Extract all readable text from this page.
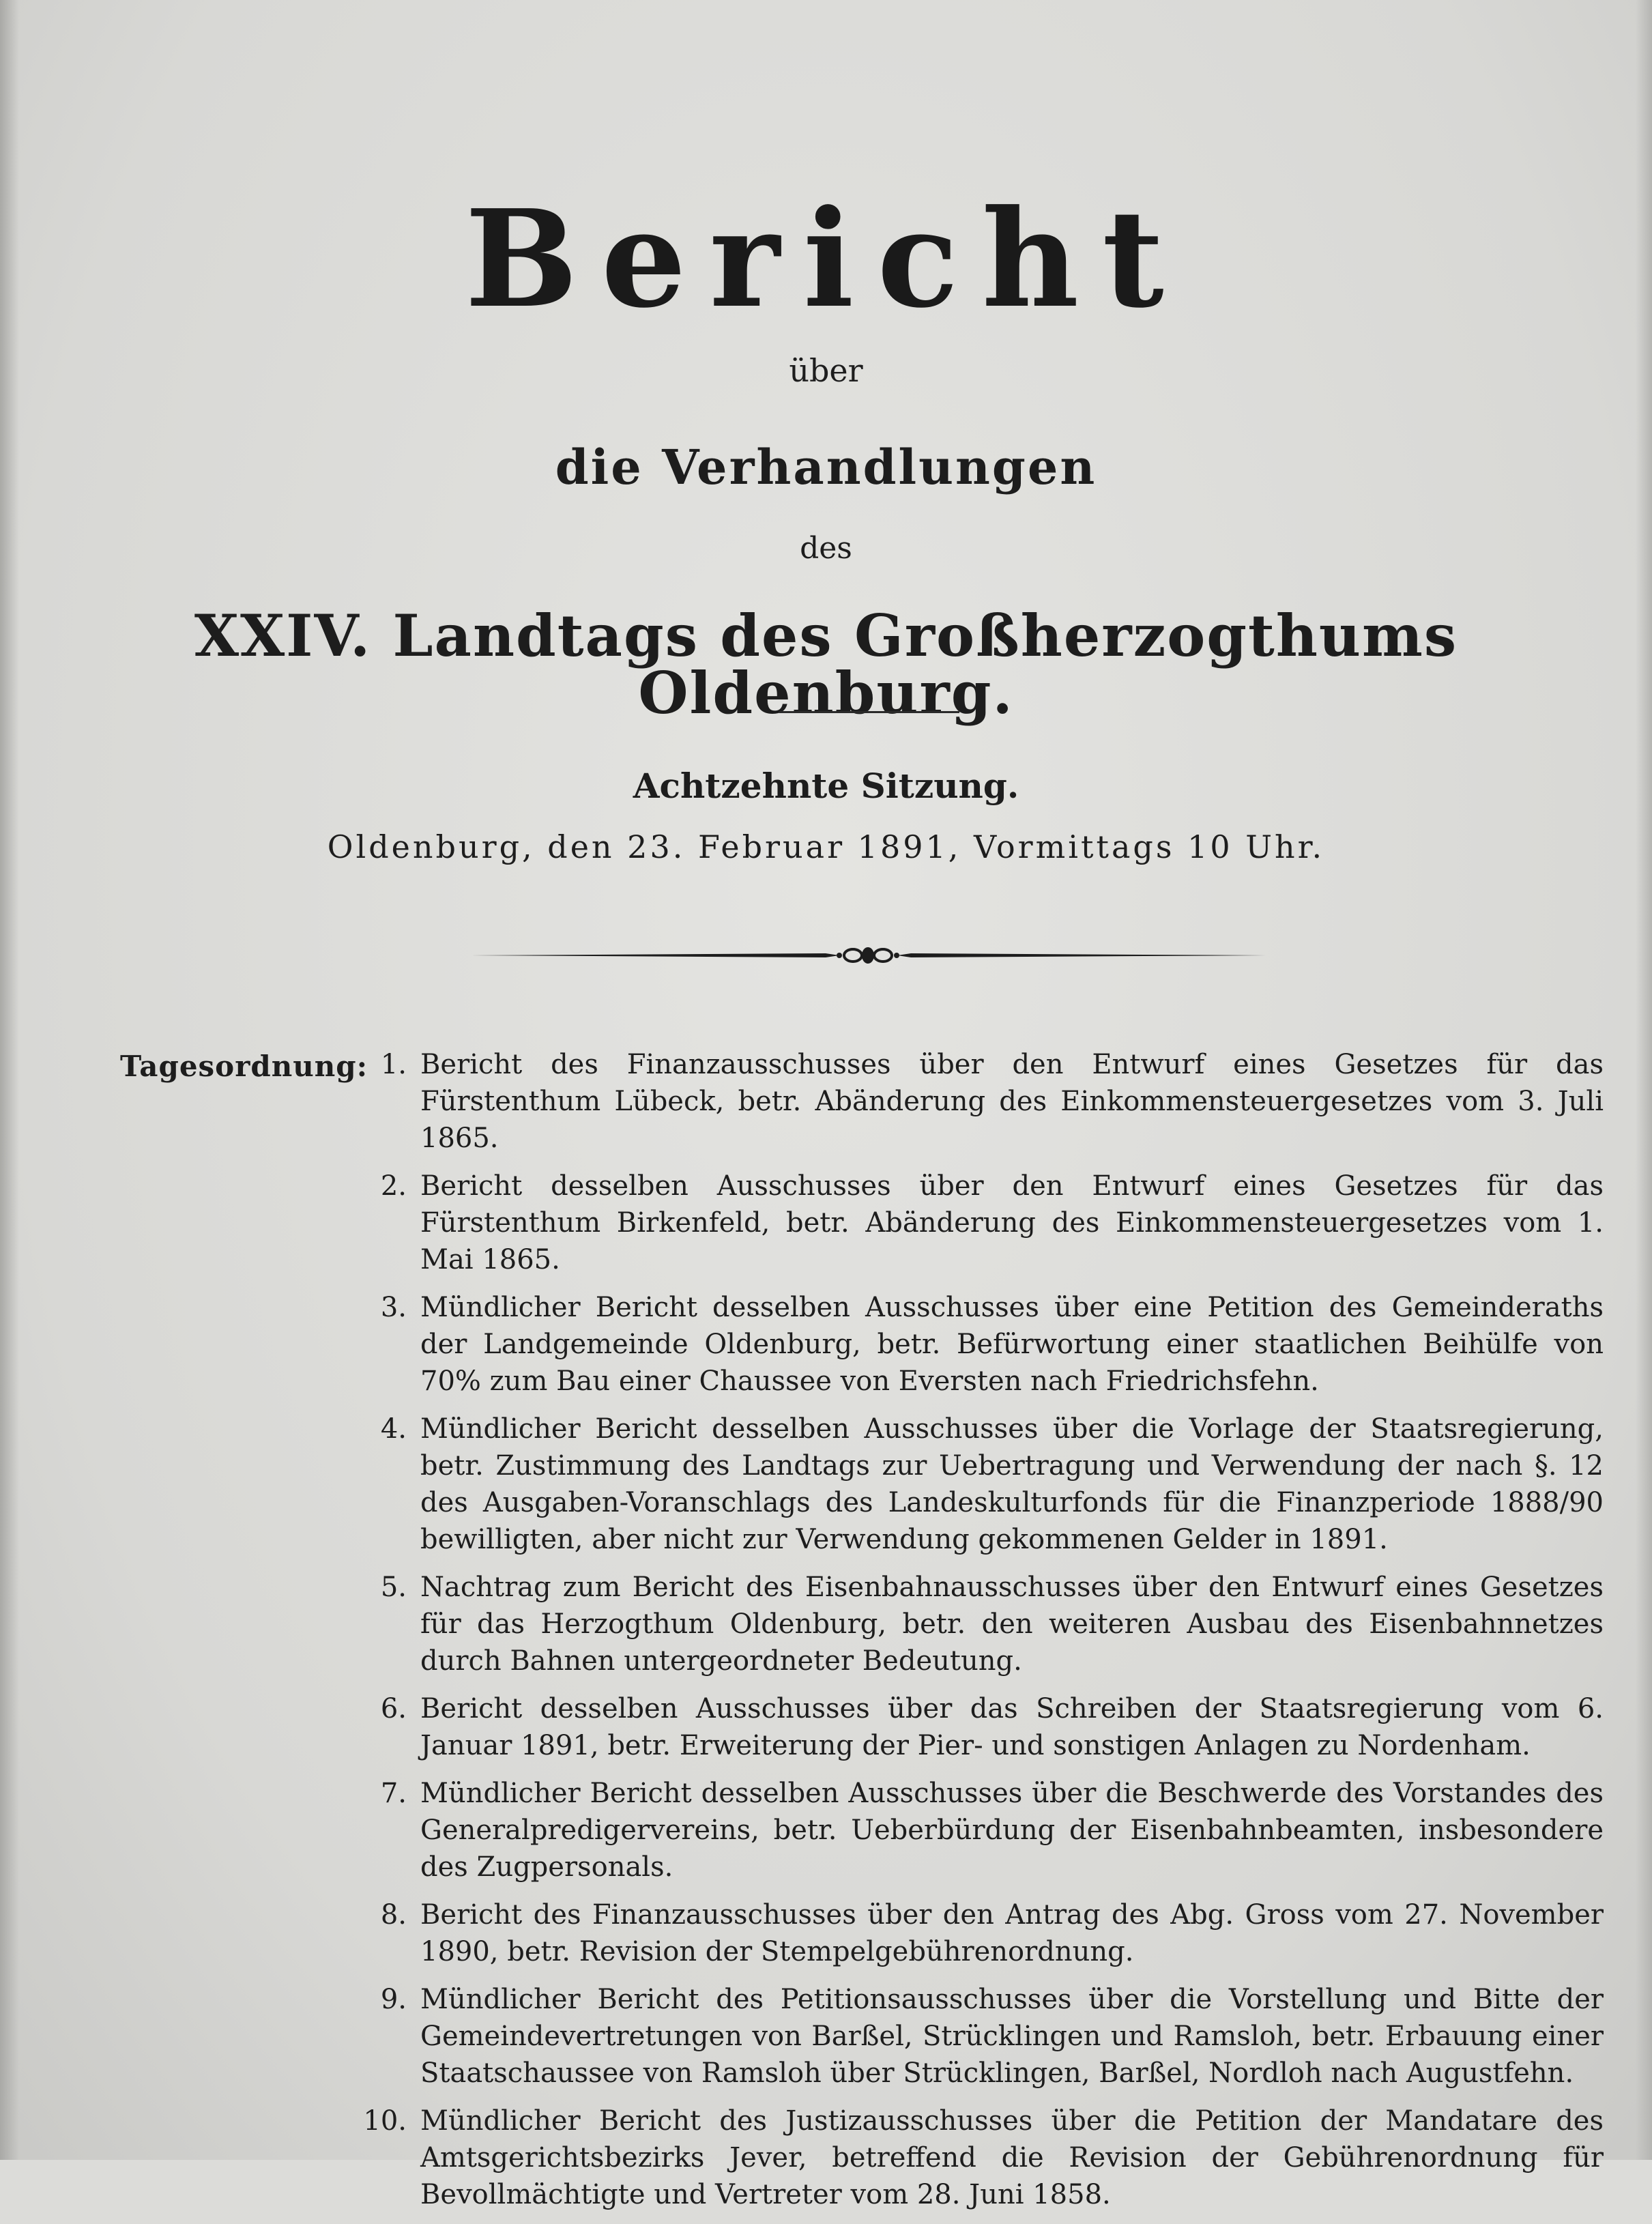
Bericht
über
die Verhandlungen
des
XXIV. Landtags des Großherzogthums Oldenburg.
Achtzehnte Sitzung.
Oldenburg, den 23. Februar 1891, Vormittags 10 Uhr.
Tagesordnung: 1. Bericht des Finanzausschusses über den Entwurf eines Gesetzes für das Fürstenthum Lübeck, betr. Abänderung des Einkommensteuergesetzes vom 3. Juli 1865.
2. Bericht desselben Ausschusses über den Entwurf eines Gesetzes für das Fürstenthum Birkenfeld, betr. Abänderung des Einkommensteuergesetzes vom 1. Mai 1865.
3. Mündlicher Bericht desselben Ausschusses über eine Petition des Gemeinderaths der Landgemeinde Oldenburg, betr. Befürwortung einer staatlichen Beihülfe von 70% zum Bau einer Chaussee von Eversten nach Friedrichsfehn.
4. Mündlicher Bericht desselben Ausschusses über die Vorlage der Staatsregierung, betr. Zustimmung des Landtags zur Uebertragung und Verwendung der nach §. 12 des Ausgaben-Voranschlags des Landeskulturfonds für die Finanzperiode 1888/90 bewilligten, aber nicht zur Verwendung gekommenen Gelder in 1891.
5. Nachtrag zum Bericht des Eisenbahnausschusses über den Entwurf eines Gesetzes für das Herzogthum Oldenburg, betr. den weiteren Ausbau des Eisenbahnnetzes durch Bahnen untergeordneter Bedeutung.
6. Bericht desselben Ausschusses über das Schreiben der Staatsregierung vom 6. Januar 1891, betr. Erweiterung der Pier- und sonstigen Anlagen zu Nordenham.
7. Mündlicher Bericht desselben Ausschusses über die Beschwerde des Vorstandes des Generalpredigervereins, betr. Ueberbürdung der Eisenbahnbeamten, insbesondere des Zugpersonals.
8. Bericht des Finanzausschusses über den Antrag des Abg. Gross vom 27. November 1890, betr. Revision der Stempelgebührenordnung.
9. Mündlicher Bericht des Petitionsausschusses über die Vorstellung und Bitte der Gemeindevertretungen von Barßel, Strücklingen und Ramsloh, betr. Erbauung einer Staatschaussee von Ramsloh über Strücklingen, Barßel, Nordloh nach Augustfehn.
10. Mündlicher Bericht des Justizausschusses über die Petition der Mandatare des Amtsgerichtsbezirks Jever, betreffend die Revision der Gebührenordnung für Bevollmächtigte und Vertreter vom 28. Juni 1858.
